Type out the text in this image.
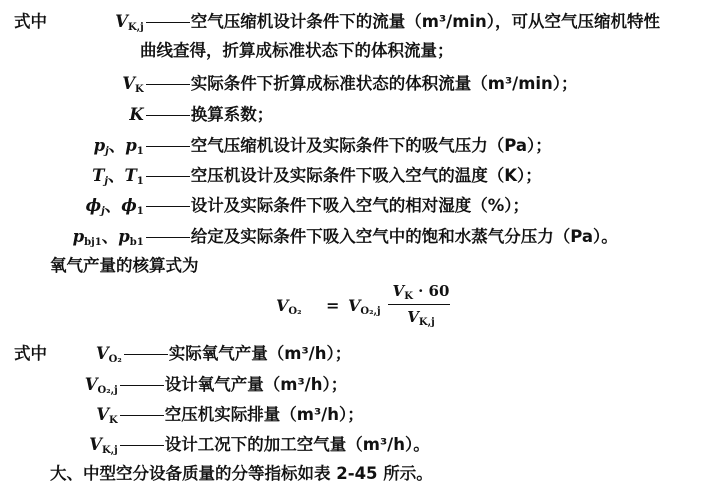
式中	$V_{K,j}$	空气压缩机设计条件下的流量（m³/min），可从空气压缩机特性
曲线查得，折算成标准状态下的体积流量；
$V_K$	实际条件下折算成标准状态的体积流量（m³/min）；
K	换算系数；
$p_j$、$p_1$	空气压缩机设计及实际条件下的吸气压力（Pa）；
$T_j$、$T_1$	空压机设计及实际条件下吸入空气的温度（K）；
$\phi_j$、$\phi_1$	设计及实际条件下吸入空气的相对湿度（%）；
$p_{bj1}$、$p_{b1}$	给定及实际条件下吸入空气中的饱和水蒸气分压力（Pa）。
氧气产量的核算式为
$V_{O_2} = V_{O_2,j}$
$V_K \cdot 60$
$V_{K,j}$
式中	$V_{O_2}$	实际氧气产量（m³/h）；
$V_{O_2,j}$	设计氧气产量（m³/h）；
$V_K$	空压机实际排量（m³/h）；
$V_{K,j}$	设计工况下的加工空气量（m³/h）。
大、中型空分设备质量的分等指标如表 2-45 所示。
